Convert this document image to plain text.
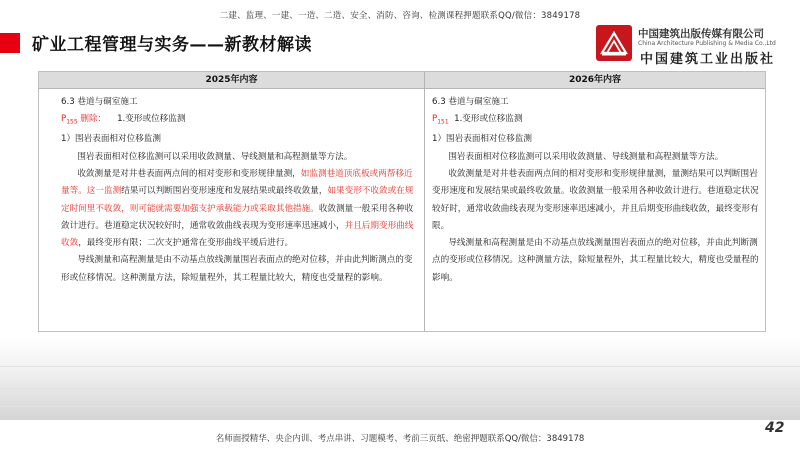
二建、监理、一建、一造、二造、安全、消防、咨询、检测课程押题联系QQ/微信：3849178
矿业工程管理与实务——新教材解读
中国建筑出版传媒有限公司
China Architecture Publishing & Media Co.,Ltd
中国建筑工业出版社
2025年内容	2026年内容

6.3 巷道与硐室施工

$P_{155}$ 删除： 1.变形或位移监测

1）围岩表面相对位移监测

围岩表面相对位移监测可以采用收敛测量、导线测量和高程测量等方法。

收敛测量是对井巷表面两点间的相对变形和变形规律量测，如监测巷道顶底板或两帮移近量等。这一监测结果可以判断围岩变形速度和发展结果或最终收敛量，如果变形不收敛或在规定时间里不收敛，则可能就需要加强支护承载能力或采取其他措施。收敛测量一般采用各种收敛计进行。巷道稳定状况较好时，通常收敛曲线表现为变形速率迅速减小，并且后期变形曲线收敛，最终变形有限；二次支护通常在变形曲线平缓后进行。

导线测量和高程测量是由不动基点放线测量围岩表面点的绝对位移，并由此判断测点的变形或位移情况。这种测量方法，除短量程外，其工程量比较大，精度也受量程的影响。

6.3 巷道与硐室施工

$P_{151}$ 1.变形或位移监测

1）围岩表面相对位移监测

围岩表面相对位移监测可以采用收敛测量、导线测量和高程测量等方法。

收敛测量是对井巷表面两点间的相对变形和变形规律量测，量测结果可以判断围岩变形速度和发展结果或最终收敛量。收敛测量一般采用各种收敛计进行。巷道稳定状况较好时，通常收敛曲线表现为变形速率迅速减小，并且后期变形曲线收敛，最终变形有限。

导线测量和高程测量是由不动基点放线测量围岩表面点的绝对位移，并由此判断测点的变形或位移情况。这种测量方法，除短量程外，其工程量比较大，精度也受量程的影响。

名师面授精华、央企内训、考点串讲、习题模考、考前三页纸、绝密押题联系QQ/微信：3849178
42
